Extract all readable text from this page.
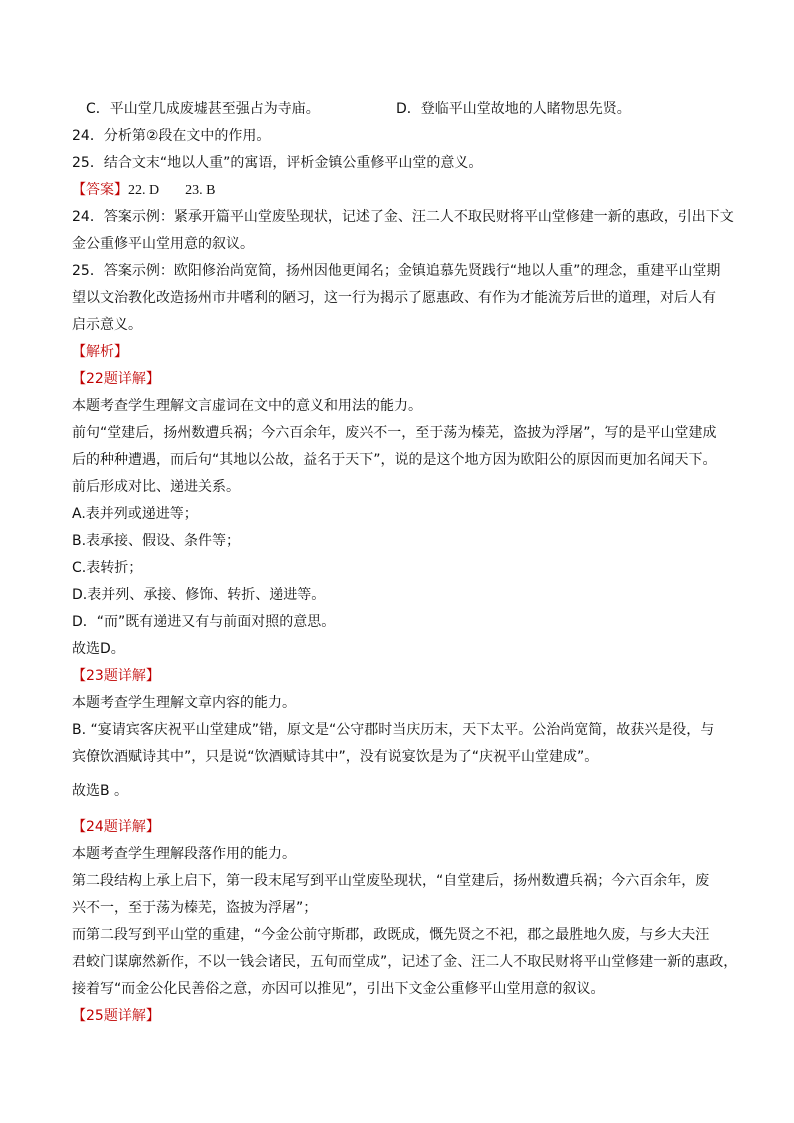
C．平山堂几成废墟甚至强占为寺庙。	D．登临平山堂故地的人睹物思先贤。
24．分析第②段在文中的作用。
25．结合文末“地以人重”的寓语，评析金镇公重修平山堂的意义。
【答案】22. D 23. B
24．答案示例：紧承开篇平山堂废坠现状，记述了金、汪二人不取民财将平山堂修建一新的惠政，引出下文
金公重修平山堂用意的叙议。
25．答案示例：欧阳修治尚宽简，扬州因他更闻名；金镇追慕先贤践行“地以人重”的理念，重建平山堂期
望以文治教化改造扬州市井嗜利的陋习，这一行为揭示了愿惠政、有作为才能流芳后世的道理，对后人有
启示意义。
【解析】
【22题详解】
本题考查学生理解文言虚词在文中的意义和用法的能力。
前句“堂建后，扬州数遭兵祸；今六百余年，废兴不一，至于荡为榛芜，盗披为浮屠”，写的是平山堂建成
后的种种遭遇，而后句“其地以公故，益名于天下”，说的是这个地方因为欧阳公的原因而更加名闻天下。
前后形成对比、递进关系。
A.表并列或递进等；
B.表承接、假设、条件等；
C.表转折；
D.表并列、承接、修饰、转折、递进等。
D．“而”既有递进又有与前面对照的意思。
故选D。
【23题详解】
本题考查学生理解文章内容的能力。
B. “宴请宾客庆祝平山堂建成”错，原文是“公守郡时当庆历末，天下太平。公治尚宽简，故获兴是役，与
宾僚饮酒赋诗其中”，只是说“饮酒赋诗其中”，没有说宴饮是为了“庆祝平山堂建成”。
故选B 。
【24题详解】
本题考查学生理解段落作用的能力。
第二段结构上承上启下，第一段末尾写到平山堂废坠现状，“自堂建后，扬州数遭兵祸；今六百余年，废
兴不一，至于荡为榛芜，盗披为浮屠”；
而第二段写到平山堂的重建，“今金公前守斯郡，政既成，慨先贤之不祀，郡之最胜地久废，与乡大夫汪
君蛟门谋廓然新作，不以一钱会诸民，五旬而堂成”，记述了金、汪二人不取民财将平山堂修建一新的惠政，
接着写“而金公化民善俗之意，亦因可以推见”，引出下文金公重修平山堂用意的叙议。
【25题详解】
